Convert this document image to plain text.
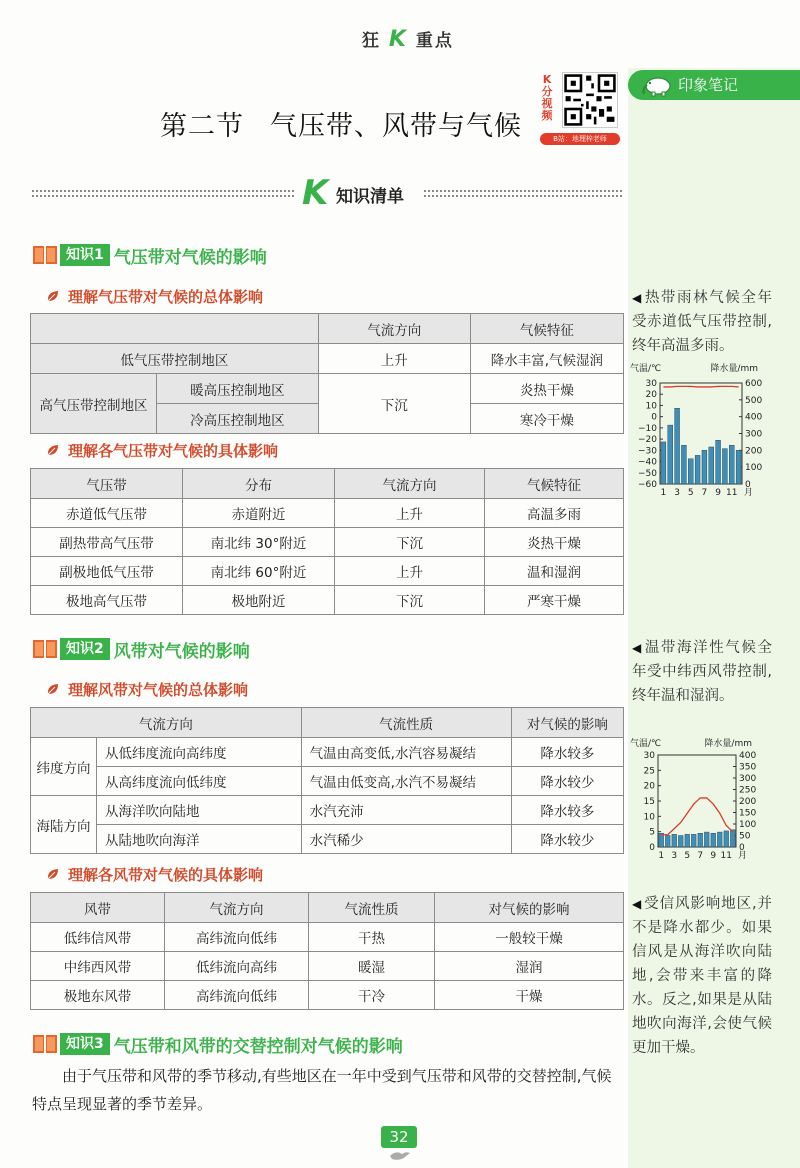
印象笔记
狂 K 重点
第二节 气压带、风带与气候
K分视频
B站：地理梓老师
K 知识清单
知识1 气压带对气候的影响
理解气压带对气候的总体影响
		气流方向	气候特征
低气压带控制地区		上升	降水丰富,气候湿润
高气压带控制地区	暖高压控制地区	下沉	炎热干燥
	冷高压控制地区		寒冷干燥
理解各气压带对气候的具体影响
气压带	分布	气流方向	气候特征
赤道低气压带	赤道附近	上升	高温多雨
副热带高气压带	南北纬 30°附近	下沉	炎热干燥
副极地低气压带	南北纬 60°附近	上升	温和湿润
极地高气压带	极地附近	下沉	严寒干燥
知识2 风带对气候的影响
理解风带对气候的总体影响
气流方向		气流性质	对气候的影响
纬度方向	从低纬度流向高纬度	气温由高变低,水汽容易凝结	降水较多
	从高纬度流向低纬度	气温由低变高,水汽不易凝结	降水较少
海陆方向	从海洋吹向陆地	水汽充沛	降水较多
	从陆地吹向海洋	水汽稀少	降水较少
理解各风带对气候的具体影响
风带	气流方向	气流性质	对气候的影响
低纬信风带	高纬流向低纬	干热	一般较干燥
中纬西风带	低纬流向高纬	暖湿	湿润
极地东风带	高纬流向低纬	干冷	干燥
知识3 气压带和风带的交替控制对气候的影响
由于气压带和风带的季节移动,有些地区在一年中受到气压带和风带的交替控制,气候特点呈现显著的季节差异。
32
◀ 热带雨林气候全年受赤道低气压带控制,终年高温多雨。
气温/℃	降水量/mm
30
20
10
0
−10
−20
−30
−40
−50
−60
600
500
400
300
200
100
0
1 3 5 7 9 11 月
◀ 温带海洋性气候全年受中纬西风带控制,终年温和湿润。
气温/℃	降水量/mm
30
25
20
15
10
5
0
400
350
300
250
200
150
100
50
0
1 3 5 7 9 11 月
◀ 受信风影响地区,并不是降水都少。如果信风是从海洋吹向陆地,会带来丰富的降水。反之,如果是从陆地吹向海洋,会使气候更加干燥。
